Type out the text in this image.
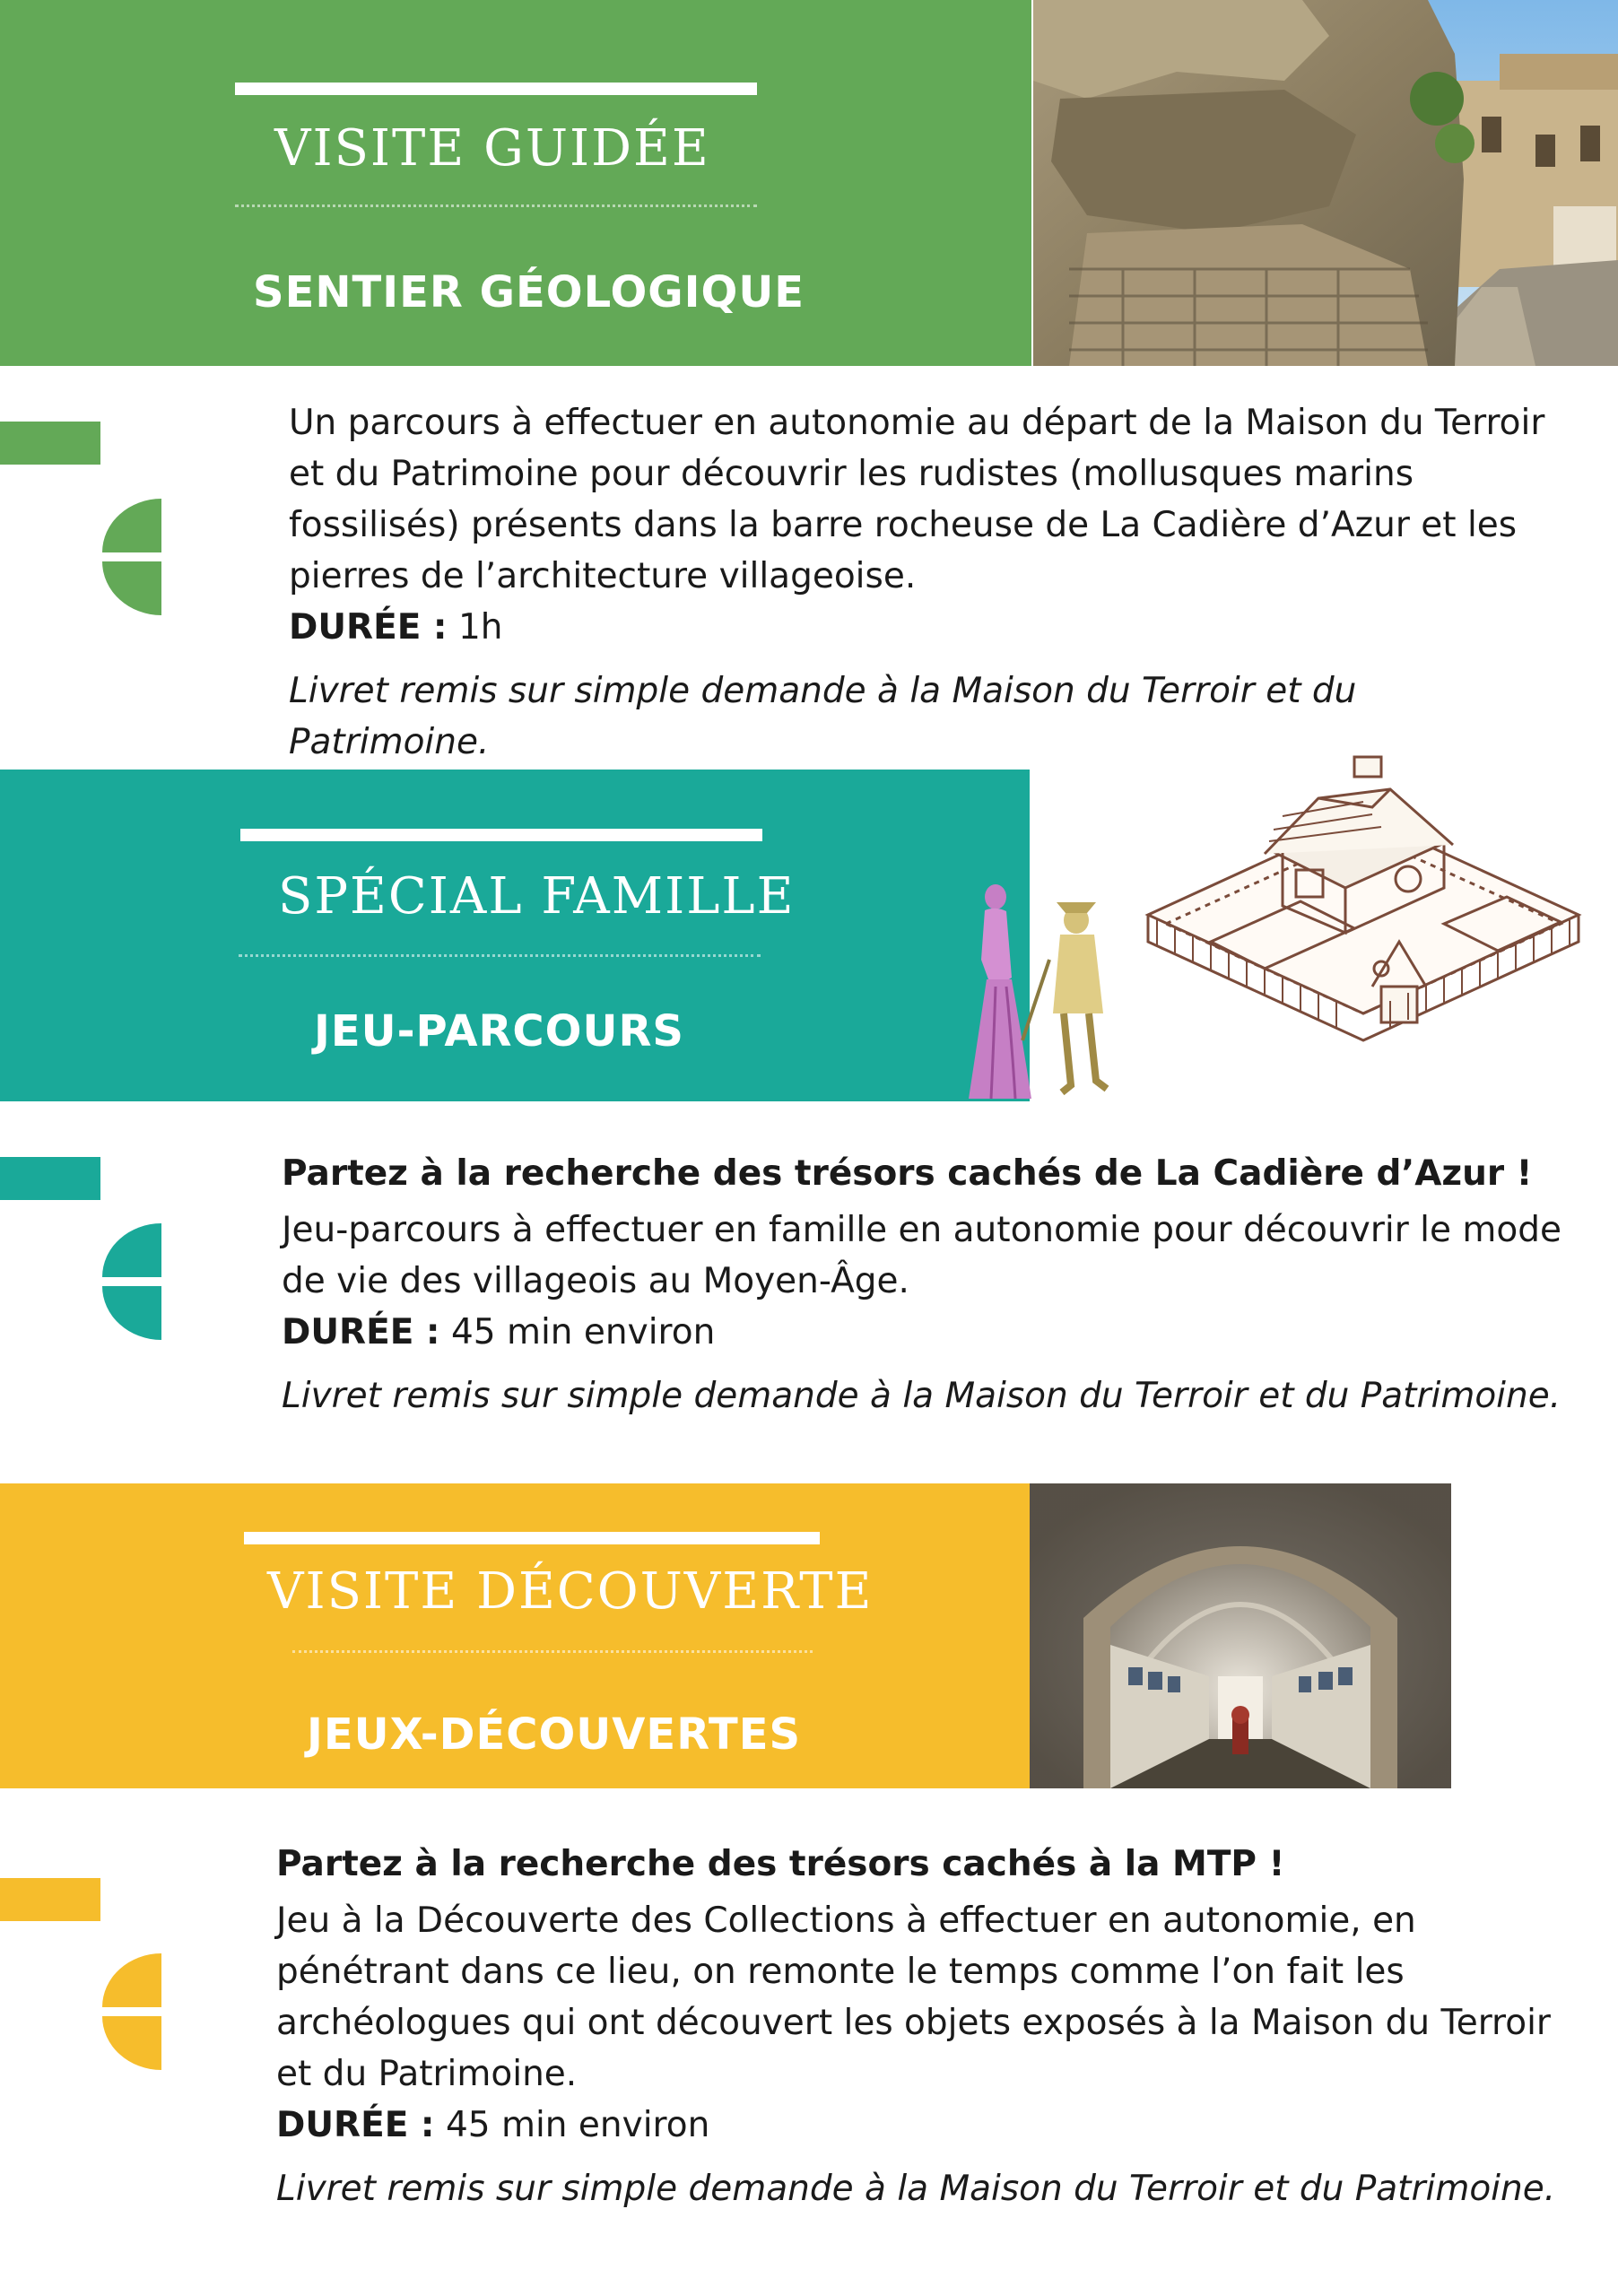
VISITE GUIDÉE
SENTIER GÉOLOGIQUE

Un parcours à effectuer en autonomie au départ de la Maison du Terroir et du Patrimoine pour découvrir les rudistes (mollusques marins fossilisés) présents dans la barre rocheuse de La Cadière d’Azur et les pierres de l’architecture villageoise.

DURÉE : 1h

Livret remis sur simple demande à la Maison du Terroir et du Patrimoine.

SPÉCIAL FAMILLE
JEU-PARCOURS

Partez à la recherche des trésors cachés de La Cadière d’Azur !

Jeu-parcours à effectuer en famille en autonomie pour découvrir le mode de vie des villageois au Moyen-Âge.

DURÉE : 45 min environ

Livret remis sur simple demande à la Maison du Terroir et du Patrimoine.

VISITE DÉCOUVERTE
JEUX-DÉCOUVERTES

Partez à la recherche des trésors cachés à la MTP !

Jeu à la Découverte des Collections à effectuer en autonomie, en pénétrant dans ce lieu, on remonte le temps comme l’on fait les archéologues qui ont découvert les objets exposés à la Maison du Terroir et du Patrimoine.

DURÉE : 45 min environ

Livret remis sur simple demande à la Maison du Terroir et du Patrimoine.
